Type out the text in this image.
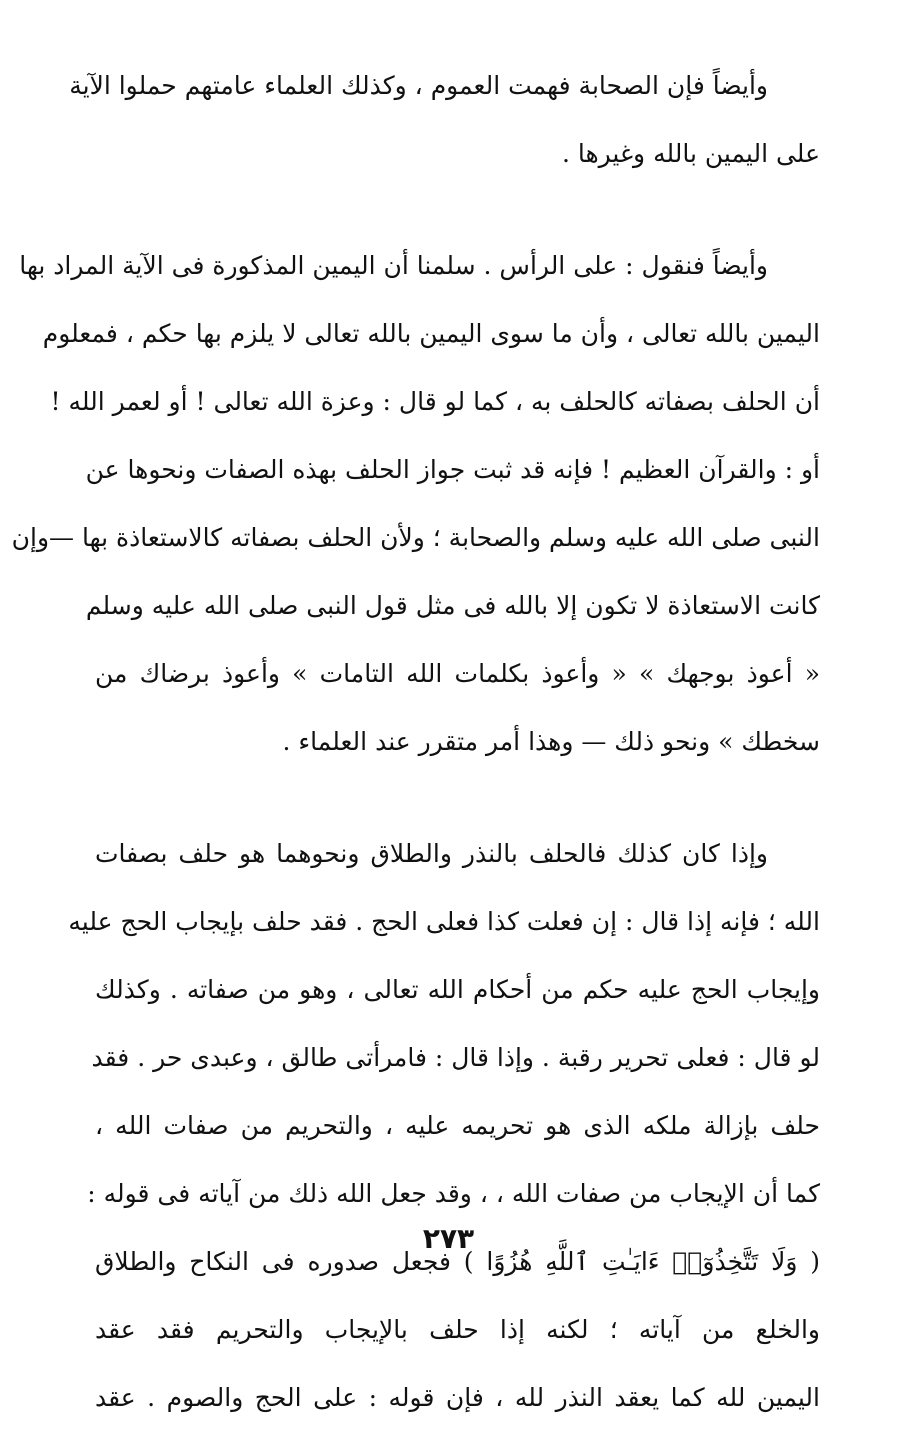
وأيضاً فإن الصحابة فهمت العموم ، وكذلك العلماء عامتهم حملوا الآية
على اليمين بالله وغيرها .
وأيضاً فنقول : على الرأس . سلمنا أن اليمين المذكورة فى الآية المراد بها
اليمين بالله تعالى ، وأن ما سوى اليمين بالله تعالى لا يلزم بها حكم ، فمعلوم
أن الحلف بصفاته كالحلف به ، كما لو قال : وعزة الله تعالى ! أو لعمر الله !
أو : والقرآن العظيم ! فإنه قد ثبت جواز الحلف بهذه الصفات ونحوها عن
النبى صلى الله عليه وسلم والصحابة ؛ ولأن الحلف بصفاته كالاستعاذة بها —وإن
كانت الاستعاذة لا تكون إلا بالله فى مثل قول النبى صلى الله عليه وسلم
« أعوذ بوجهك » « وأعوذ بكلمات الله التامات » وأعوذ برضاك من
سخطك » ونحو ذلك — وهذا أمر متقرر عند العلماء .
وإذا كان كذلك فالحلف بالنذر والطلاق ونحوهما هو حلف بصفات
الله ؛ فإنه إذا قال : إن فعلت كذا فعلى الحج . فقد حلف بإيجاب الحج عليه
وإيجاب الحج عليه حكم من أحكام الله تعالى ، وهو من صفاته . وكذلك
لو قال : فعلى تحرير رقبة . وإذا قال : فامرأتى طالق ، وعبدى حر . فقد
حلف بإزالة ملكه الذى هو تحريمه عليه ، والتحريم من صفات الله ،
كما أن الإيجاب من صفات الله ، ، وقد جعل الله ذلك من آياته فى قوله :
( وَلَا تَتَّخِذُوٓا۟ ءَايَـٰتِ ٱللَّهِ هُزُوًا ) فجعل صدوره فى النكاح والطلاق
والخلع من آياته ؛ لكنه إذا حلف بالإيجاب والتحريم فقد عقد
اليمين لله كما يعقد النذر لله ، فإن قوله : على الحج والصوم . عقد
٢٧٣
